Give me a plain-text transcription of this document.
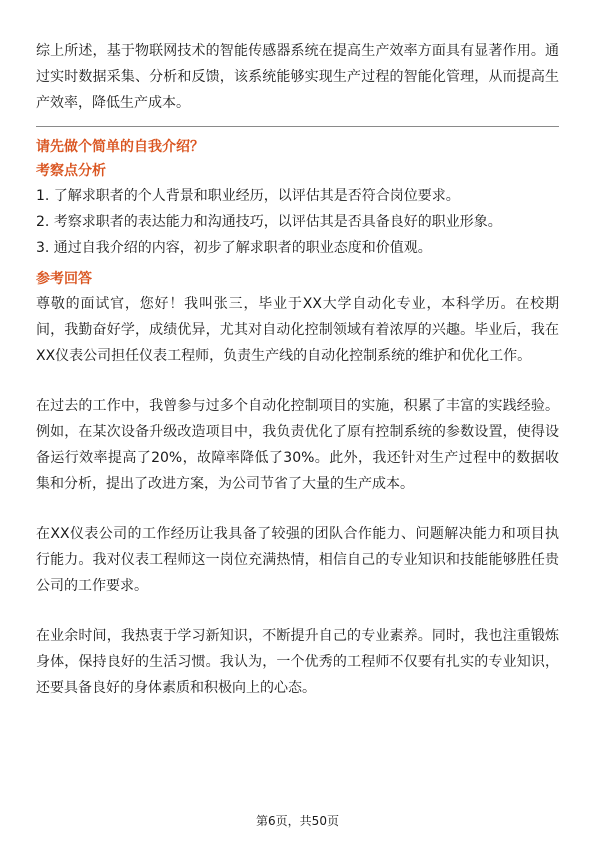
综上所述，基于物联网技术的智能传感器系统在提高生产效率方面具有显著作用。通过实时数据采集、分析和反馈，该系统能够实现生产过程的智能化管理，从而提高生产效率，降低生产成本。

请先做个简单的自我介绍？

考察点分析

1. 了解求职者的个人背景和职业经历，以评估其是否符合岗位要求。
2. 考察求职者的表达能力和沟通技巧，以评估其是否具备良好的职业形象。
3. 通过自我介绍的内容，初步了解求职者的职业态度和价值观。

参考回答

尊敬的面试官，您好！我叫张三，毕业于XX大学自动化专业，本科学历。在校期间，我勤奋好学，成绩优异，尤其对自动化控制领域有着浓厚的兴趣。毕业后，我在XX仪表公司担任仪表工程师，负责生产线的自动化控制系统的维护和优化工作。

在过去的工作中，我曾参与过多个自动化控制项目的实施，积累了丰富的实践经验。例如，在某次设备升级改造项目中，我负责优化了原有控制系统的参数设置，使得设备运行效率提高了20%，故障率降低了30%。此外，我还针对生产过程中的数据收集和分析，提出了改进方案，为公司节省了大量的生产成本。

在XX仪表公司的工作经历让我具备了较强的团队合作能力、问题解决能力和项目执行能力。我对仪表工程师这一岗位充满热情，相信自己的专业知识和技能能够胜任贵公司的工作要求。

在业余时间，我热衷于学习新知识，不断提升自己的专业素养。同时，我也注重锻炼身体，保持良好的生活习惯。我认为，一个优秀的工程师不仅要有扎实的专业知识，还要具备良好的身体素质和积极向上的心态。

第6页，共50页
